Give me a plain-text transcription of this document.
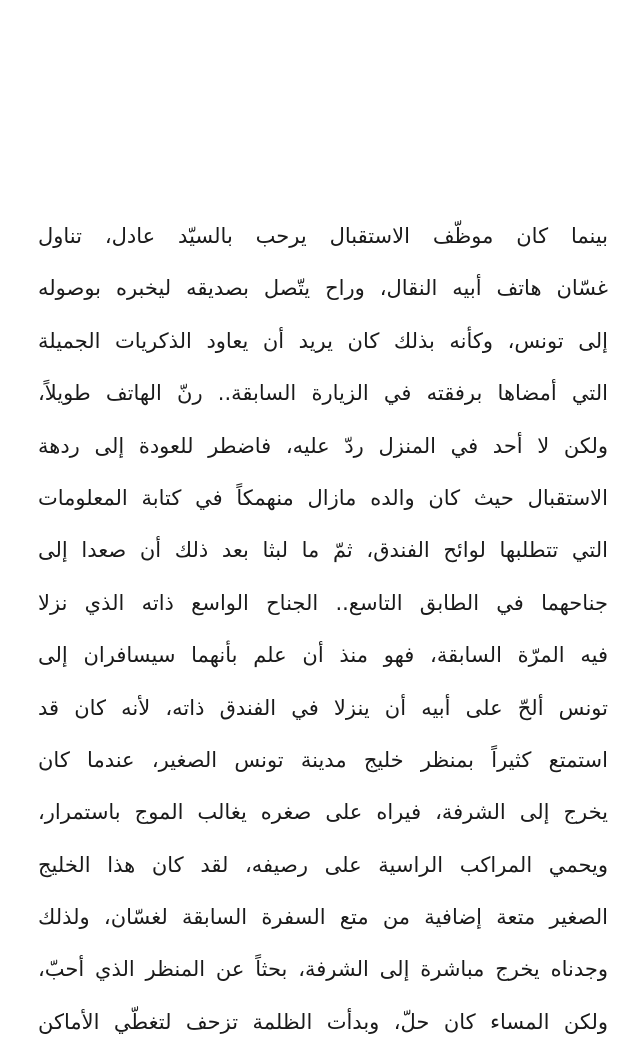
بينما كان موظّف الاستقبال يرحب بالسيّد عادل، تناول
غسّان هاتف أبيه النقال، وراح يتّصل بصديقه ليخبره بوصوله
إلى تونس، وكأنه بذلك كان يريد أن يعاود الذكريات الجميلة
التي أمضاها برفقته في الزيارة السابقة.. رنّ الهاتف طويلاً،
ولكن لا أحد في المنزل ردّ عليه، فاضطر للعودة إلى ردهة
الاستقبال حيث كان والده مازال منهمكاً في كتابة المعلومات
التي تتطلبها لوائح الفندق، ثمّ ما لبثا بعد ذلك أن صعدا إلى
جناحهما في الطابق التاسع.. الجناح الواسع ذاته الذي نزلا
فيه المرّة السابقة، فهو منذ أن علم بأنهما سيسافران إلى
تونس ألحّ على أبيه أن ينزلا في الفندق ذاته، لأنه كان قد
استمتع كثيراً بمنظر خليج مدينة تونس الصغير، عندما كان
يخرج إلى الشرفة، فيراه على صغره يغالب الموج باستمرار،
ويحمي المراكب الراسية على رصيفه، لقد كان هذا الخليج
الصغير متعة إضافية من متع السفرة السابقة لغسّان، ولذلك
وجدناه يخرج مباشرة إلى الشرفة، بحثاً عن المنظر الذي أحبّ،
ولكن المساء كان حلّ، وبدأت الظلمة تزحف لتغطّي الأماكن
